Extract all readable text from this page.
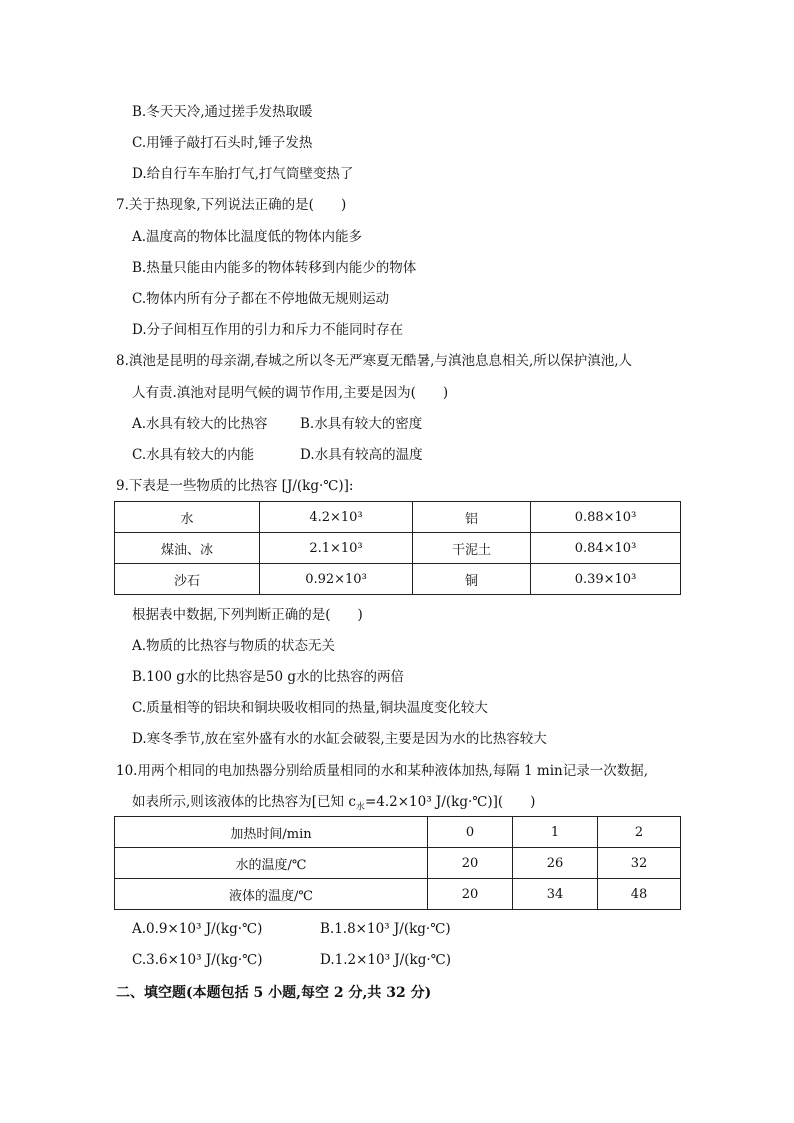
B.冬天天冷,通过搓手发热取暖
C.用锤子敲打石头时,锤子发热
D.给自行车车胎打气,打气筒壁变热了
7.关于热现象,下列说法正确的是(　　)
A.温度高的物体比温度低的物体内能多
B.热量只能由内能多的物体转移到内能少的物体
C.物体内所有分子都在不停地做无规则运动
D.分子间相互作用的引力和斥力不能同时存在
8.滇池是昆明的母亲湖,春城之所以冬无严寒夏无酷暑,与滇池息息相关,所以保护滇池,人
人有责.滇池对昆明气候的调节作用,主要是因为(　　)
A.水具有较大的比热容 B.水具有较大的密度
C.水具有较大的内能	D.水具有较高的温度
9.下表是一些物质的比热容 [J/(kg·℃)]:
水	4.2×10³	铝	0.88×10³
煤油、冰	2.1×10³	干泥土	0.84×10³
沙石	0.92×10³	铜	0.39×10³
根据表中数据,下列判断正确的是(　　)
A.物质的比热容与物质的状态无关
B.100 g水的比热容是50 g水的比热容的两倍
C.质量相等的铝块和铜块吸收相同的热量,铜块温度变化较大
D.寒冬季节,放在室外盛有水的水缸会破裂,主要是因为水的比热容较大
10.用两个相同的电加热器分别给质量相同的水和某种液体加热,每隔 1 min记录一次数据,
如表所示,则该液体的比热容为[已知 $c_水=4.2\times 10^3$ J/(kg·℃)](　　)
加热时间/min	0	1	2
水的温度/℃	20	26	32
液体的温度/℃	20	34	48
A.0.9×10³ J/(kg·℃)	B.1.8×10³ J/(kg·℃)
C.3.6×10³ J/(kg·℃)	D.1.2×10³ J/(kg·℃)
二、填空题(本题包括 5 小题,每空 2 分,共 32 分)
